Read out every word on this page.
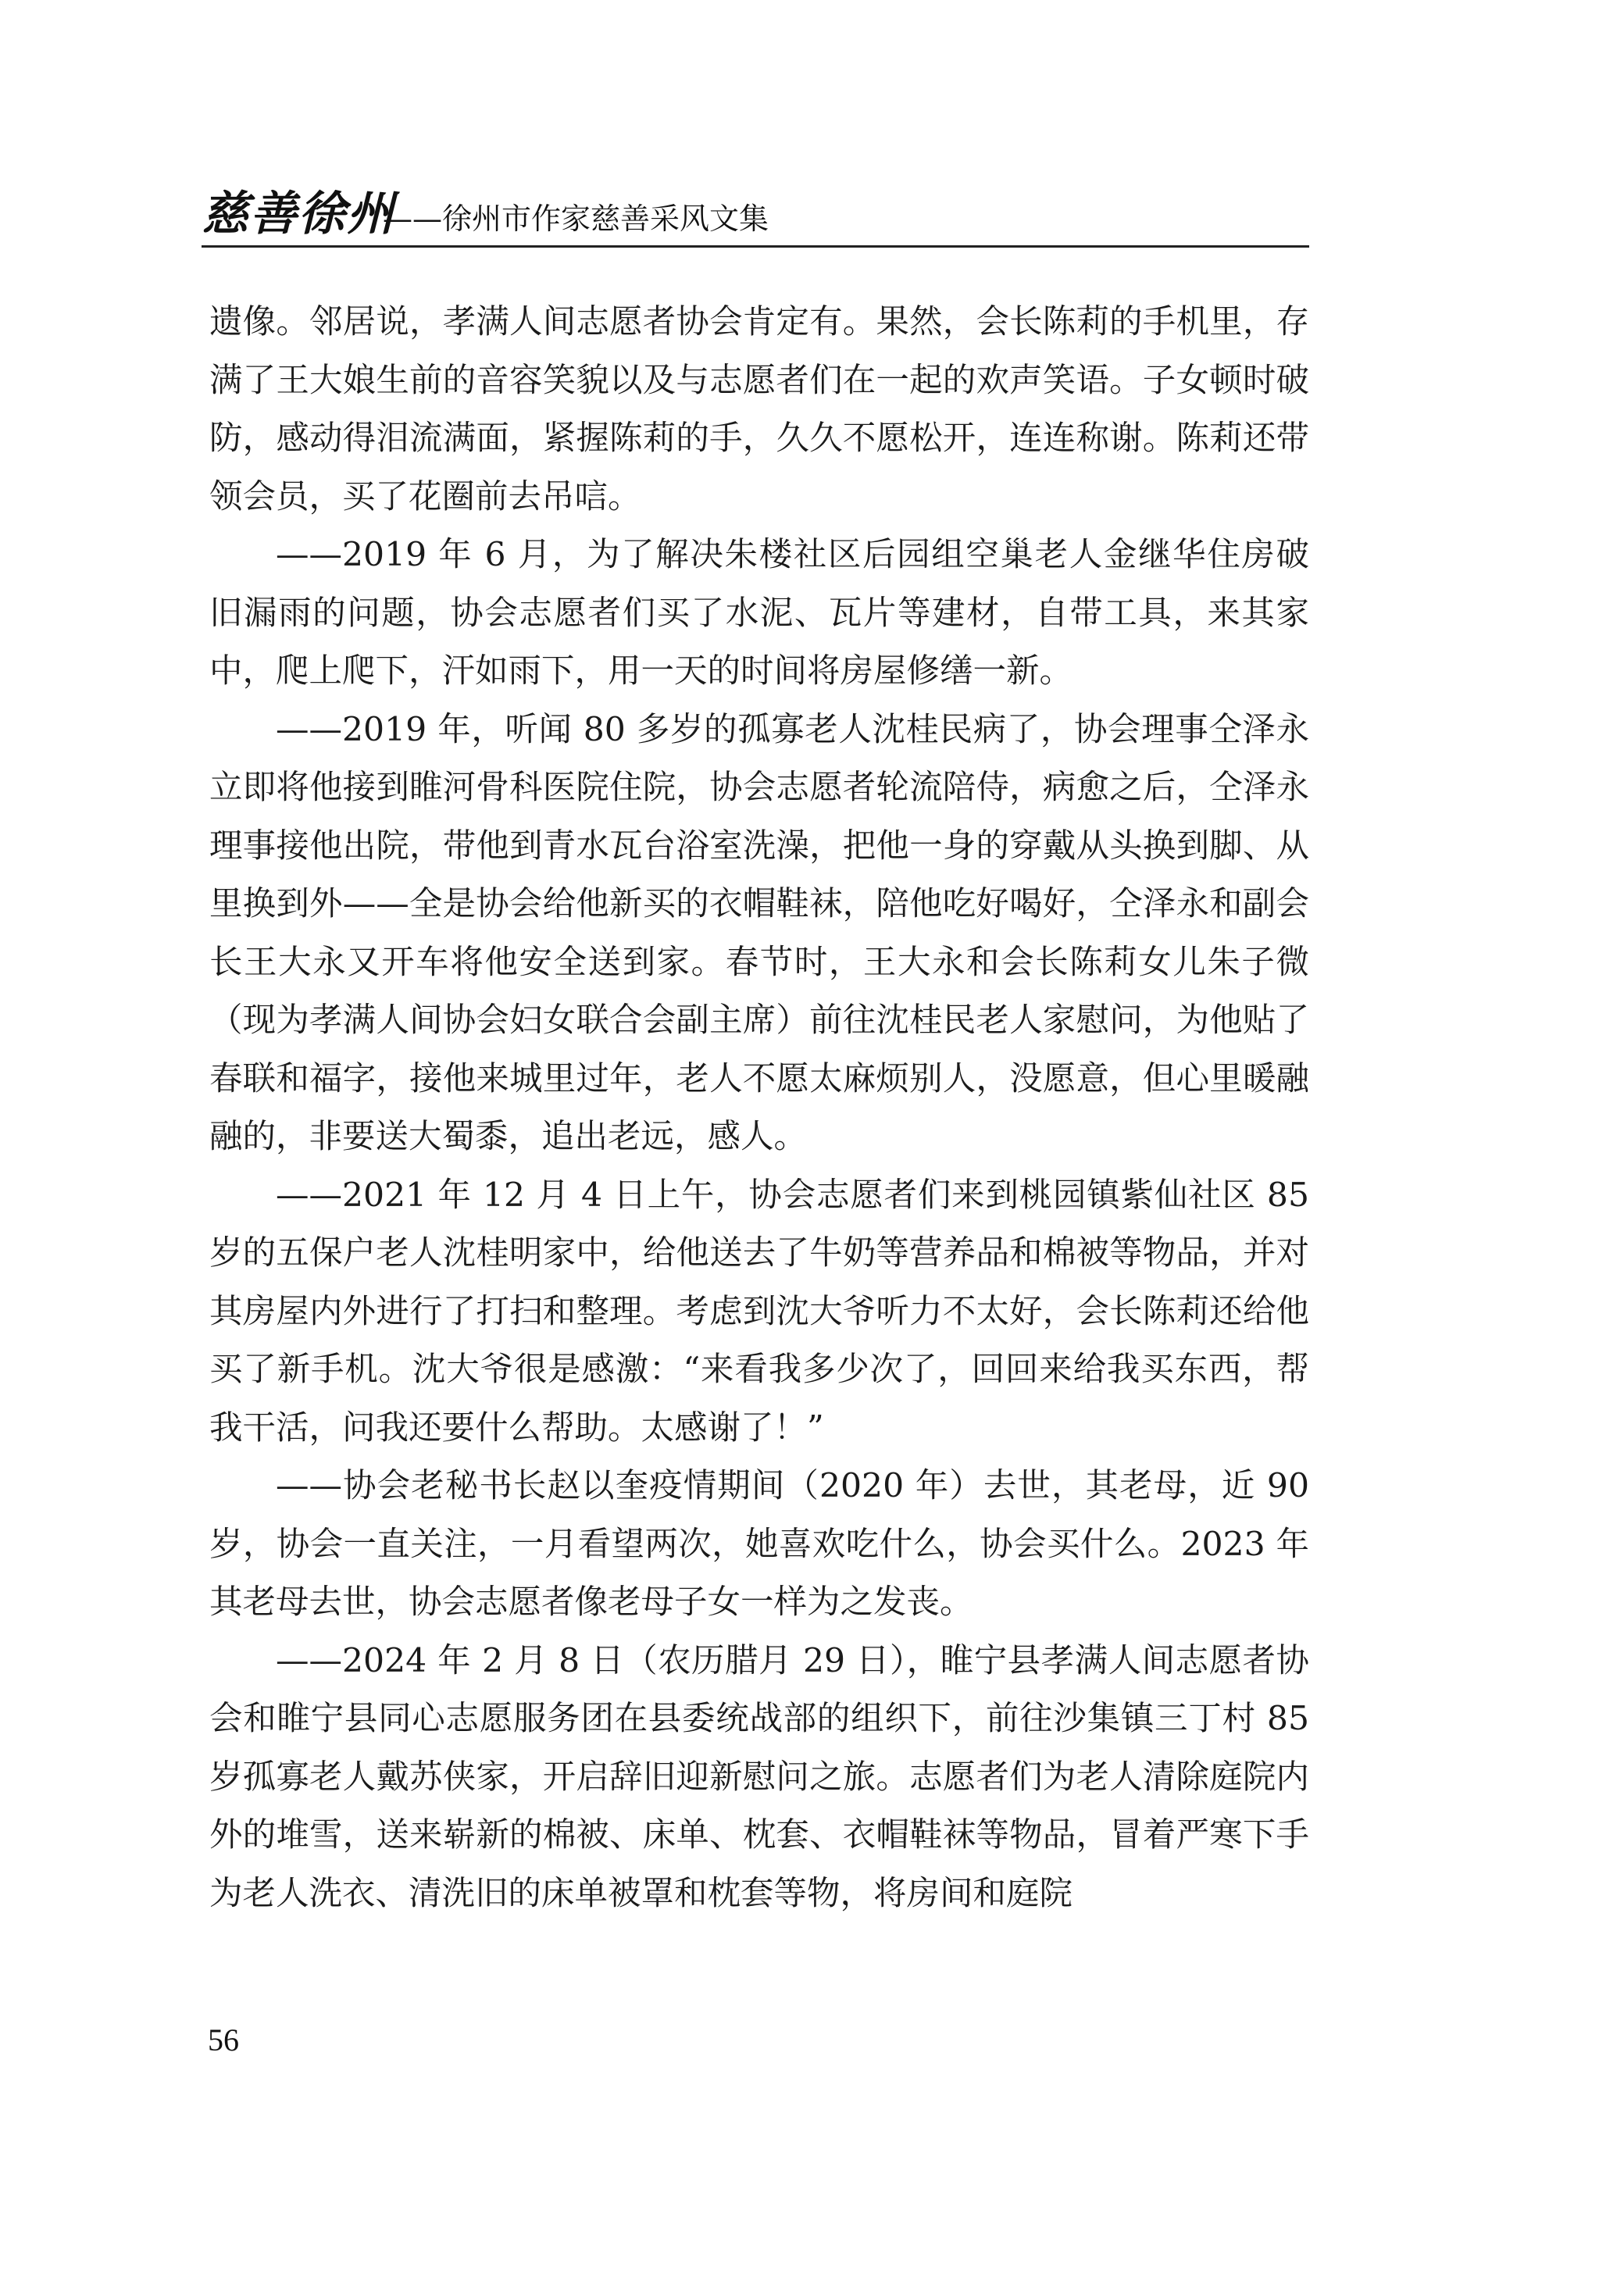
慈善徐州
——徐州市作家慈善采风文集

遗像。邻居说，孝满人间志愿者协会肯定有。果然，会长陈莉的手机里，存满了王大娘生前的音容笑貌以及与志愿者们在一起的欢声笑语。子女顿时破防，感动得泪流满面，紧握陈莉的手，久久不愿松开，连连称谢。陈莉还带领会员，买了花圈前去吊唁。

——2019 年 6 月，为了解决朱楼社区后园组空巢老人金继华住房破旧漏雨的问题，协会志愿者们买了水泥、瓦片等建材，自带工具，来其家中，爬上爬下，汗如雨下，用一天的时间将房屋修缮一新。

——2019 年，听闻 80 多岁的孤寡老人沈桂民病了，协会理事仝泽永立即将他接到睢河骨科医院住院，协会志愿者轮流陪侍，病愈之后，仝泽永理事接他出院，带他到青水瓦台浴室洗澡，把他一身的穿戴从头换到脚、从里换到外——全是协会给他新买的衣帽鞋袜，陪他吃好喝好，仝泽永和副会长王大永又开车将他安全送到家。春节时，王大永和会长陈莉女儿朱子微（现为孝满人间协会妇女联合会副主席）前往沈桂民老人家慰问，为他贴了春联和福字，接他来城里过年，老人不愿太麻烦别人，没愿意，但心里暖融融的，非要送大蜀黍，追出老远，感人。

——2021 年 12 月 4 日上午，协会志愿者们来到桃园镇紫仙社区 85 岁的五保户老人沈桂明家中，给他送去了牛奶等营养品和棉被等物品，并对其房屋内外进行了打扫和整理。考虑到沈大爷听力不太好，会长陈莉还给他买了新手机。沈大爷很是感激：“来看我多少次了，回回来给我买东西，帮我干活，问我还要什么帮助。太感谢了！”

——协会老秘书长赵以奎疫情期间（2020 年）去世，其老母，近 90 岁，协会一直关注，一月看望两次，她喜欢吃什么，协会买什么。2023 年其老母去世，协会志愿者像老母子女一样为之发丧。

——2024 年 2 月 8 日（农历腊月 29 日），睢宁县孝满人间志愿者协会和睢宁县同心志愿服务团在县委统战部的组织下，前往沙集镇三丁村 85 岁孤寡老人戴苏侠家，开启辞旧迎新慰问之旅。志愿者们为老人清除庭院内外的堆雪，送来崭新的棉被、床单、枕套、衣帽鞋袜等物品，冒着严寒下手为老人洗衣、清洗旧的床单被罩和枕套等物，将房间和庭院

56
